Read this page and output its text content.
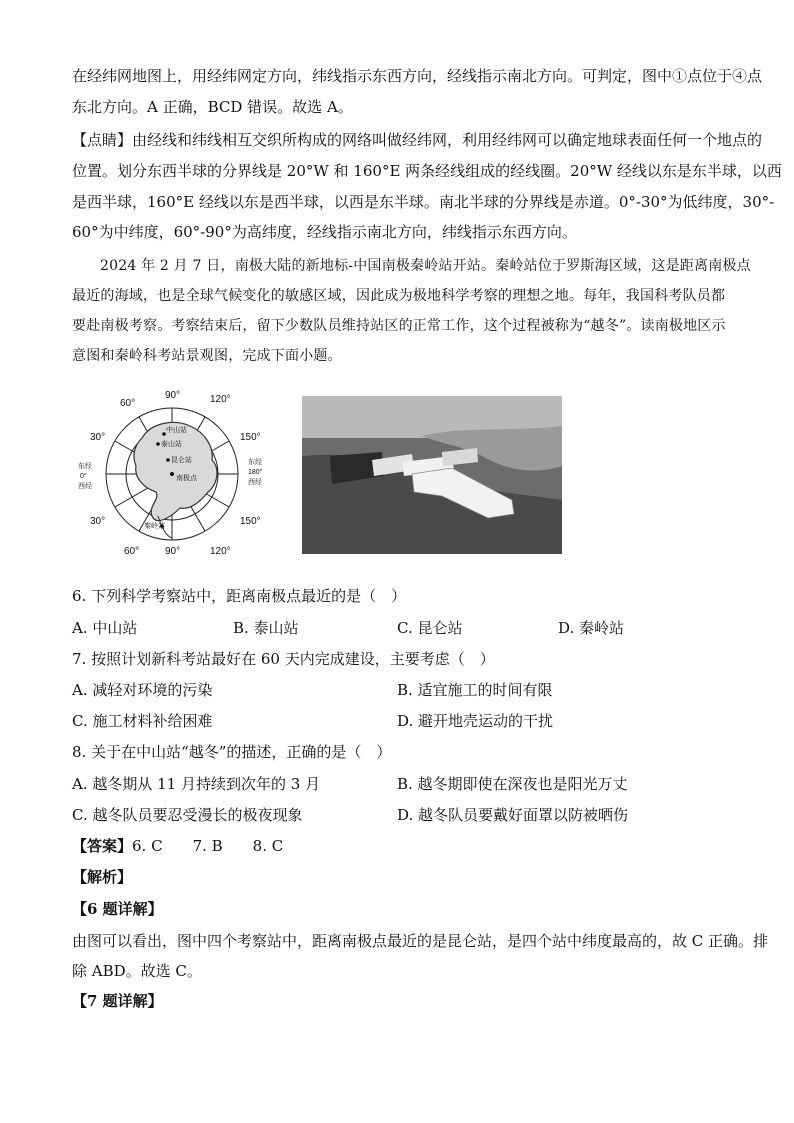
在经纬网地图上，用经纬网定方向，纬线指示东西方向，经线指示南北方向。可判定，图中①点位于④点
东北方向。A 正确，BCD 错误。故选 A。
【点睛】由经线和纬线相互交织所构成的网络叫做经纬网，利用经纬网可以确定地球表面任何一个地点的
位置。划分东西半球的分界线是 20°W 和 160°E 两条经线组成的经线圈。20°W 经线以东是东半球，以西
是西半球，160°E 经线以东是西半球，以西是东半球。南北半球的分界线是赤道。0°-30°为低纬度，30°-
60°为中纬度，60°-90°为高纬度，经线指示南北方向，纬线指示东西方向。
2024 年 2 月 7 日，南极大陆的新地标-中国南极秦岭站开站。秦岭站位于罗斯海区域，这是距离南极点
最近的海域，也是全球气候变化的敏感区域，因此成为极地科学考察的理想之地。每年，我国科考队员都
要赴南极考察。考察结束后，留下少数队员维持站区的正常工作，这个过程被称为“越冬”。读南极地区示
意图和秦岭科考站景观图，完成下面小题。
90°	120°
60°
150°
30°
150°
30°
60°	90°	120°
东经
0°
西经
东经
180°
西经
中山站
泰山站
昆仑站
南极点
秦岭站
6. 下列科学考察站中，距离南极点最近的是（　）
A. 中山站	B. 泰山站	C. 昆仑站	D. 秦岭站
7. 按照计划新科考站最好在 60 天内完成建设，主要考虑（　）
A. 减轻对环境的污染	B. 适宜施工的时间有限
C. 施工材料补给困难	D. 避开地壳运动的干扰
8. 关于在中山站“越冬”的描述，正确的是（　）
A. 越冬期从 11 月持续到次年的 3 月	B. 越冬期即使在深夜也是阳光万丈
C. 越冬队员要忍受漫长的极夜现象	D. 越冬队员要戴好面罩以防被晒伤
【答案】6. C　　7. B　　8. C
【解析】
【6 题详解】
由图可以看出，图中四个考察站中，距离南极点最近的是昆仑站，是四个站中纬度最高的，故 C 正确。排
除 ABD。故选 C。
【7 题详解】
